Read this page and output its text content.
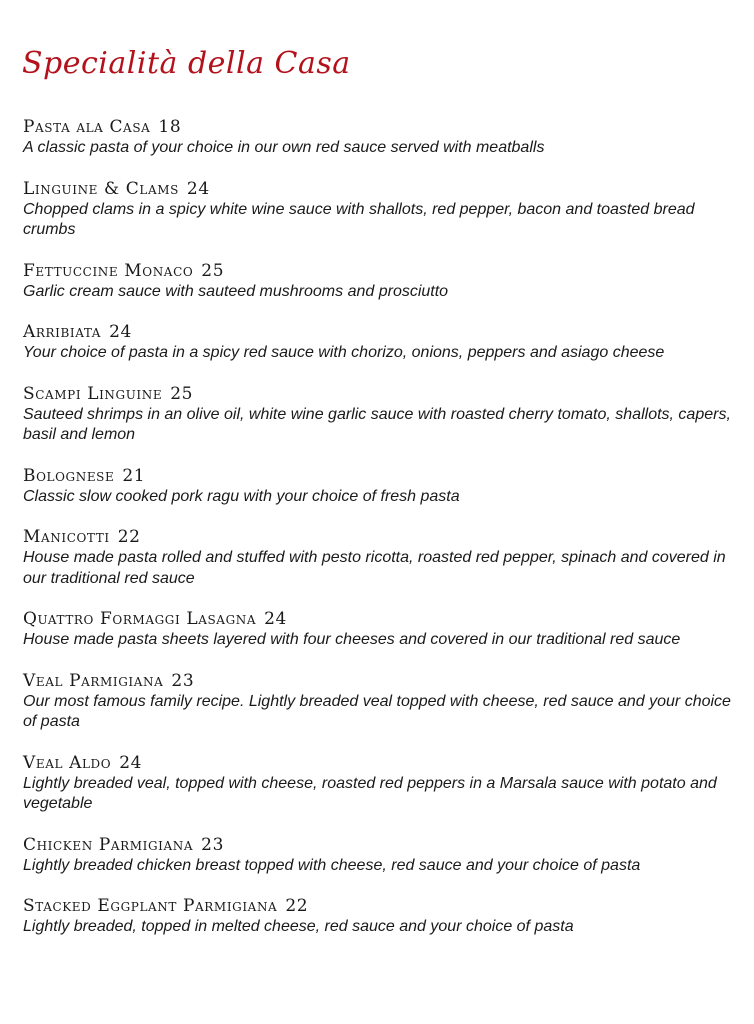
Specialità della Casa
Pasta ala Casa 18
A classic pasta of your choice in our own red sauce served with meatballs
Linguine & Clams 24
Chopped clams in a spicy white wine sauce with shallots, red pepper, bacon and toasted bread crumbs
Fettuccine Monaco 25
Garlic cream sauce with sauteed mushrooms and prosciutto
Arribiata 24
Your choice of pasta in a spicy red sauce with chorizo, onions, peppers and asiago cheese
Scampi Linguine 25
Sauteed shrimps in an olive oil, white wine garlic sauce with roasted cherry tomato, shallots, capers, basil and lemon
Bolognese 21
Classic slow cooked pork ragu with your choice of fresh pasta
Manicotti 22
House made pasta rolled and stuffed with pesto ricotta, roasted red pepper, spinach and covered in our traditional red sauce
Quattro Formaggi Lasagna 24
House made pasta sheets layered with four cheeses and covered in our traditional red sauce
Veal Parmigiana 23
Our most famous family recipe. Lightly breaded veal topped with cheese, red sauce and your choice of pasta
Veal Aldo 24
Lightly breaded veal, topped with cheese, roasted red peppers in a Marsala sauce with potato and vegetable
Chicken Parmigiana 23
Lightly breaded chicken breast topped with cheese, red sauce and your choice of pasta
Stacked Eggplant Parmigiana 22
Lightly breaded, topped in melted cheese, red sauce and your choice of pasta
